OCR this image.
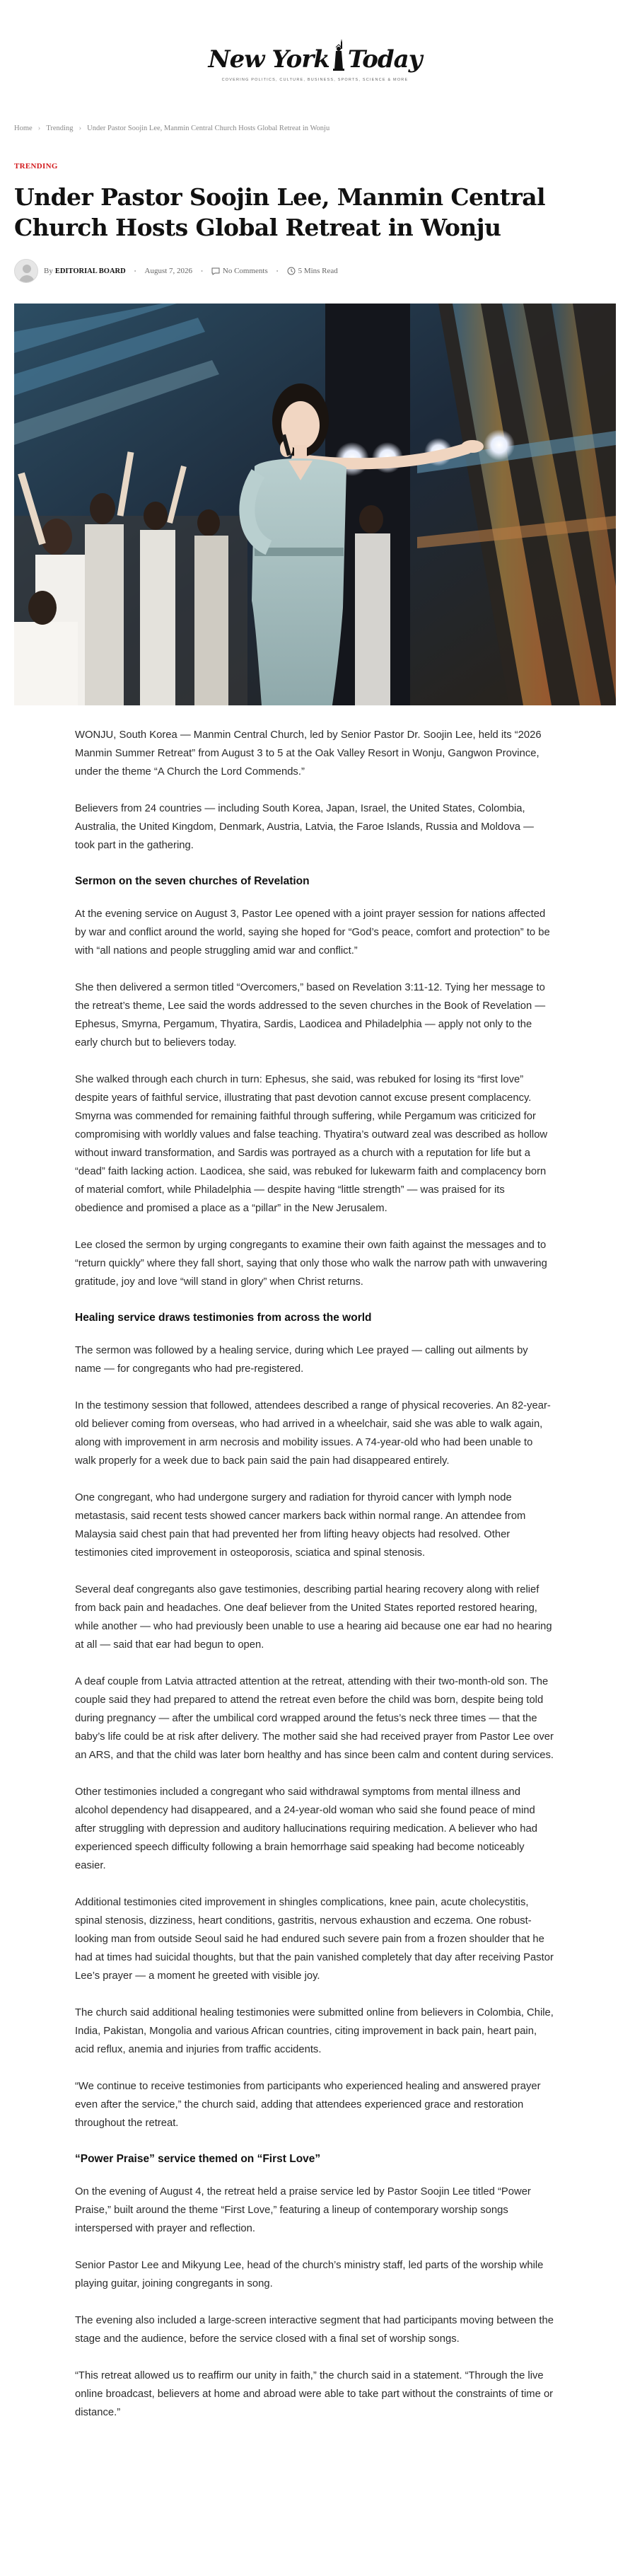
New York Today
COVERING POLITICS, CULTURE, BUSINESS, SPORTS, SCIENCE & MORE
Home › Trending › Under Pastor Soojin Lee, Manmin Central Church Hosts Global Retreat in Wonju
TRENDING
Under Pastor Soojin Lee, Manmin Central Church Hosts Global Retreat in Wonju
By EDITORIAL BOARD • August 7, 2026 •	No Comments •	5 Mins Read

WONJU, South Korea — Manmin Central Church, led by Senior Pastor Dr. Soojin Lee, held its “2026 Manmin Summer Retreat” from August 3 to 5 at the Oak Valley Resort in Wonju, Gangwon Province, under the theme “A Church the Lord Commends.”

Believers from 24 countries — including South Korea, Japan, Israel, the United States, Colombia, Australia, the United Kingdom, Denmark, Austria, Latvia, the Faroe Islands, Russia and Moldova — took part in the gathering.

Sermon on the seven churches of Revelation

At the evening service on August 3, Pastor Lee opened with a joint prayer session for nations affected by war and conflict around the world, saying she hoped for “God’s peace, comfort and protection” to be with “all nations and people struggling amid war and conflict.”

She then delivered a sermon titled “Overcomers,” based on Revelation 3:11-12. Tying her message to the retreat’s theme, Lee said the words addressed to the seven churches in the Book of Revelation — Ephesus, Smyrna, Pergamum, Thyatira, Sardis, Laodicea and Philadelphia — apply not only to the early church but to believers today.

She walked through each church in turn: Ephesus, she said, was rebuked for losing its “first love” despite years of faithful service, illustrating that past devotion cannot excuse present complacency. Smyrna was commended for remaining faithful through suffering, while Pergamum was criticized for compromising with worldly values and false teaching. Thyatira’s outward zeal was described as hollow without inward transformation, and Sardis was portrayed as a church with a reputation for life but a “dead” faith lacking action. Laodicea, she said, was rebuked for lukewarm faith and complacency born of material comfort, while Philadelphia — despite having “little strength” — was praised for its obedience and promised a place as a “pillar” in the New Jerusalem.

Lee closed the sermon by urging congregants to examine their own faith against the messages and to “return quickly” where they fall short, saying that only those who walk the narrow path with unwavering gratitude, joy and love “will stand in glory” when Christ returns.

Healing service draws testimonies from across the world

The sermon was followed by a healing service, during which Lee prayed — calling out ailments by name — for congregants who had pre-registered.

In the testimony session that followed, attendees described a range of physical recoveries. An 82-year-old believer coming from overseas, who had arrived in a wheelchair, said she was able to walk again, along with improvement in arm necrosis and mobility issues. A 74-year-old who had been unable to walk properly for a week due to back pain said the pain had disappeared entirely.

One congregant, who had undergone surgery and radiation for thyroid cancer with lymph node metastasis, said recent tests showed cancer markers back within normal range. An attendee from Malaysia said chest pain that had prevented her from lifting heavy objects had resolved. Other testimonies cited improvement in osteoporosis, sciatica and spinal stenosis.

Several deaf congregants also gave testimonies, describing partial hearing recovery along with relief from back pain and headaches. One deaf believer from the United States reported restored hearing, while another — who had previously been unable to use a hearing aid because one ear had no hearing at all — said that ear had begun to open.

A deaf couple from Latvia attracted attention at the retreat, attending with their two-month-old son. The couple said they had prepared to attend the retreat even before the child was born, despite being told during pregnancy — after the umbilical cord wrapped around the fetus’s neck three times — that the baby’s life could be at risk after delivery. The mother said she had received prayer from Pastor Lee over an ARS, and that the child was later born healthy and has since been calm and content during services.

Other testimonies included a congregant who said withdrawal symptoms from mental illness and alcohol dependency had disappeared, and a 24-year-old woman who said she found peace of mind after struggling with depression and auditory hallucinations requiring medication. A believer who had experienced speech difficulty following a brain hemorrhage said speaking had become noticeably easier.

Additional testimonies cited improvement in shingles complications, knee pain, acute cholecystitis, spinal stenosis, dizziness, heart conditions, gastritis, nervous exhaustion and eczema. One robust-looking man from outside Seoul said he had endured such severe pain from a frozen shoulder that he had at times had suicidal thoughts, but that the pain vanished completely that day after receiving Pastor Lee’s prayer — a moment he greeted with visible joy.

The church said additional healing testimonies were submitted online from believers in Colombia, Chile, India, Pakistan, Mongolia and various African countries, citing improvement in back pain, heart pain, acid reflux, anemia and injuries from traffic accidents.

“We continue to receive testimonies from participants who experienced healing and answered prayer even after the service,” the church said, adding that attendees experienced grace and restoration throughout the retreat.

“Power Praise” service themed on “First Love”

On the evening of August 4, the retreat held a praise service led by Pastor Soojin Lee titled “Power Praise,” built around the theme “First Love,” featuring a lineup of contemporary worship songs interspersed with prayer and reflection.

Senior Pastor Lee and Mikyung Lee, head of the church’s ministry staff, led parts of the worship while playing guitar, joining congregants in song.

The evening also included a large-screen interactive segment that had participants moving between the stage and the audience, before the service closed with a final set of worship songs.

“This retreat allowed us to reaffirm our unity in faith,” the church said in a statement. “Through the live online broadcast, believers at home and abroad were able to take part without the constraints of time or distance.”
